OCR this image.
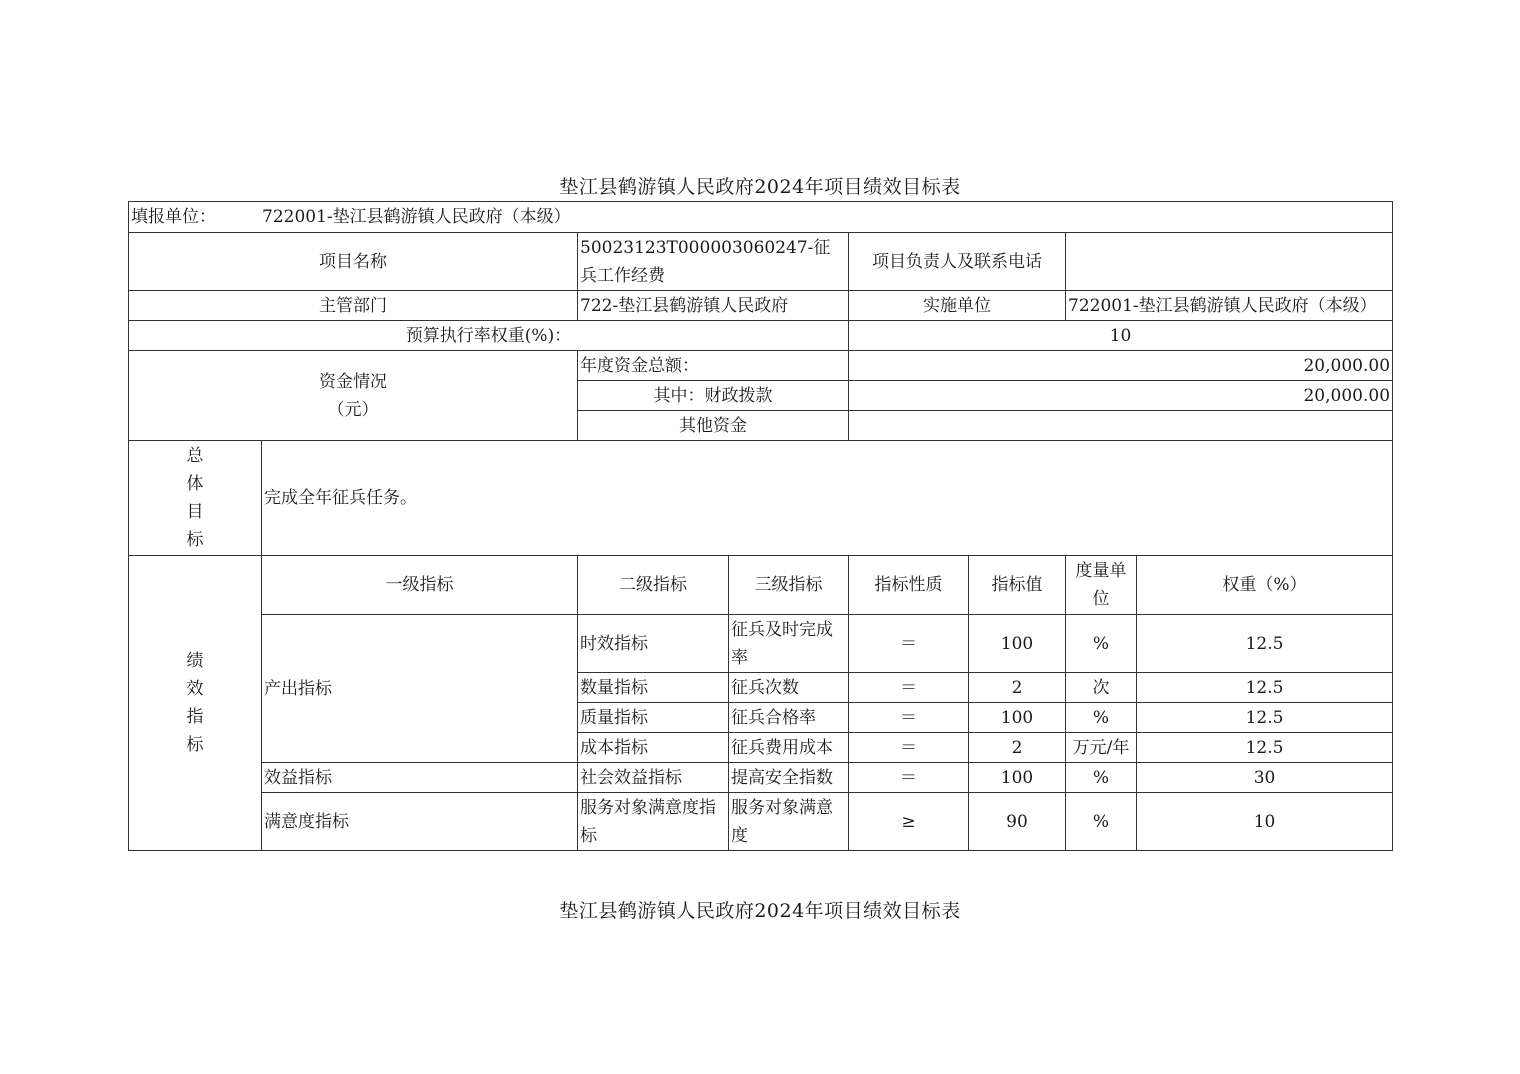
垫江县鹤游镇人民政府2024年项目绩效目标表
填报单位： 722001-垫江县鹤游镇人民政府（本级）							
项目名称		50023123T000003060247-征兵工作经费		项目负责人及联系电话			
主管部门		722-垫江县鹤游镇人民政府		实施单位		722001-垫江县鹤游镇人民政府（本级）	
预算执行率权重(%)：				10			

资金情况
（元）		年度资金总额：		20,000.00			
		其中：财政拨款		20,000.00			
		其他资金					

总
体
目
标	完成全年征兵任务。						

绩
效
指
标	一级指标	二级指标	三级指标	指标性质	指标值	度量单位	权重（%）
	产出指标	时效指标	征兵及时完成率	＝	100	%	12.5
		数量指标	征兵次数	＝	2	次	12.5
		质量指标	征兵合格率	＝	100	%	12.5
		成本指标	征兵费用成本	＝	2	万元/年	12.5
	效益指标	社会效益指标	提高安全指数	＝	100	%	30
	满意度指标	服务对象满意度指标	服务对象满意度	≥	90	%	10
垫江县鹤游镇人民政府2024年项目绩效目标表
